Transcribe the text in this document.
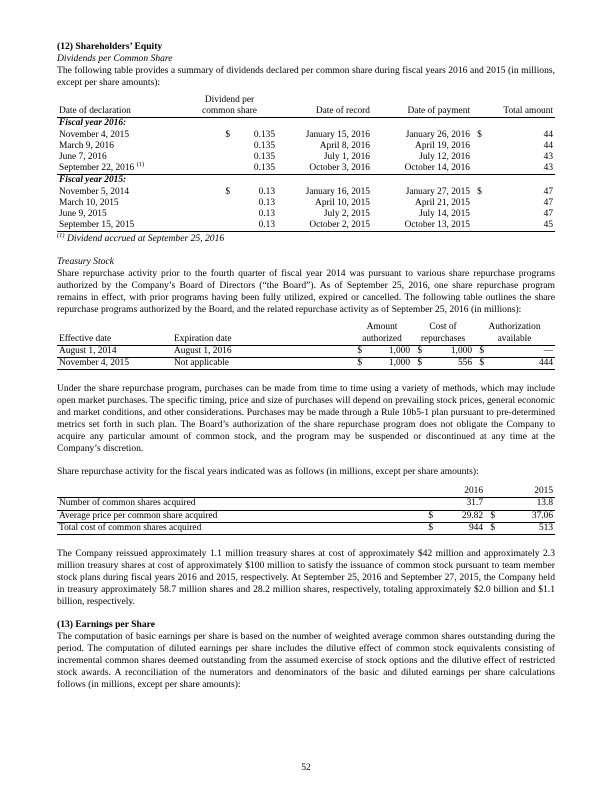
(12) Shareholders’ Equity
Dividends per Common Share

The following table provides a summary of dividends declared per common share during fiscal years 2016 and 2015 (in millions, except per share amounts):

	Dividend per					
Date of declaration	common share		Date of record	Date of payment	Total amount	
Fiscal year 2016:						
November 4, 2015	$	0.135	January 15, 2016	January 26, 2016	$	44
March 9, 2016		0.135	April 8, 2016	April 19, 2016		44
June 7, 2016		0.135	July 1, 2016	July 12, 2016		43
September 22, 2016 $^{(1)}$		0.135	October 3, 2016	October 14, 2016		43
Fiscal year 2015:						
November 5, 2014	$	0.13	January 16, 2015	January 27, 2015	$	47
March 10, 2015		0.13	April 10, 2015	April 21, 2015		47
June 9, 2015		0.13	July 2, 2015	July 14, 2015		47
September 15, 2015		0.13	October 2, 2015	October 13, 2015		45
$^{(1)}$ Dividend accrued at September 25, 2016
Treasury Stock

Share repurchase activity prior to the fourth quarter of fiscal year 2014 was pursuant to various share repurchase programs authorized by the Company’s Board of Directors (“the Board”). As of September 25, 2016, one share repurchase program remains in effect, with prior programs having been fully utilized, expired or cancelled. The following table outlines the share repurchase programs authorized by the Board, and the related repurchase activity as of September 25, 2016 (in millions):

		Amount		Cost of		Authorization	
Effective date	Expiration date	authorized		repurchases		available	
August 1, 2014	August 1, 2016	$	1,000	$	1,000	$	—
November 4, 2015	Not applicable	$	1,000	$	556	$	444

Under the share repurchase program, purchases can be made from time to time using a variety of methods, which may include open market purchases. The specific timing, price and size of purchases will depend on prevailing stock prices, general economic and market conditions, and other considerations. Purchases may be made through a Rule 10b5-1 plan pursuant to pre-determined metrics set forth in such plan. The Board’s authorization of the share repurchase program does not obligate the Company to acquire any particular amount of common stock, and the program may be suspended or discontinued at any time at the Company’s discretion.

Share repurchase activity for the fiscal years indicated was as follows (in millions, except per share amounts):

	2016		2015	
Number of common shares acquired		31.7		13.8
Average price per common share acquired	$	29.82	$	37.06
Total cost of common shares acquired	$	944	$	513

The Company reissued approximately 1.1 million treasury shares at cost of approximately $42 million and approximately 2.3 million treasury shares at cost of approximately $100 million to satisfy the issuance of common stock pursuant to team member stock plans during fiscal years 2016 and 2015, respectively. At September 25, 2016 and September 27, 2015, the Company held in treasury approximately 58.7 million shares and 28.2 million shares, respectively, totaling approximately $2.0 billion and $1.1 billion, respectively.

(13) Earnings per Share

The computation of basic earnings per share is based on the number of weighted average common shares outstanding during the period. The computation of diluted earnings per share includes the dilutive effect of common stock equivalents consisting of incremental common shares deemed outstanding from the assumed exercise of stock options and the dilutive effect of restricted stock awards. A reconciliation of the numerators and denominators of the basic and diluted earnings per share calculations follows (in millions, except per share amounts):

52
